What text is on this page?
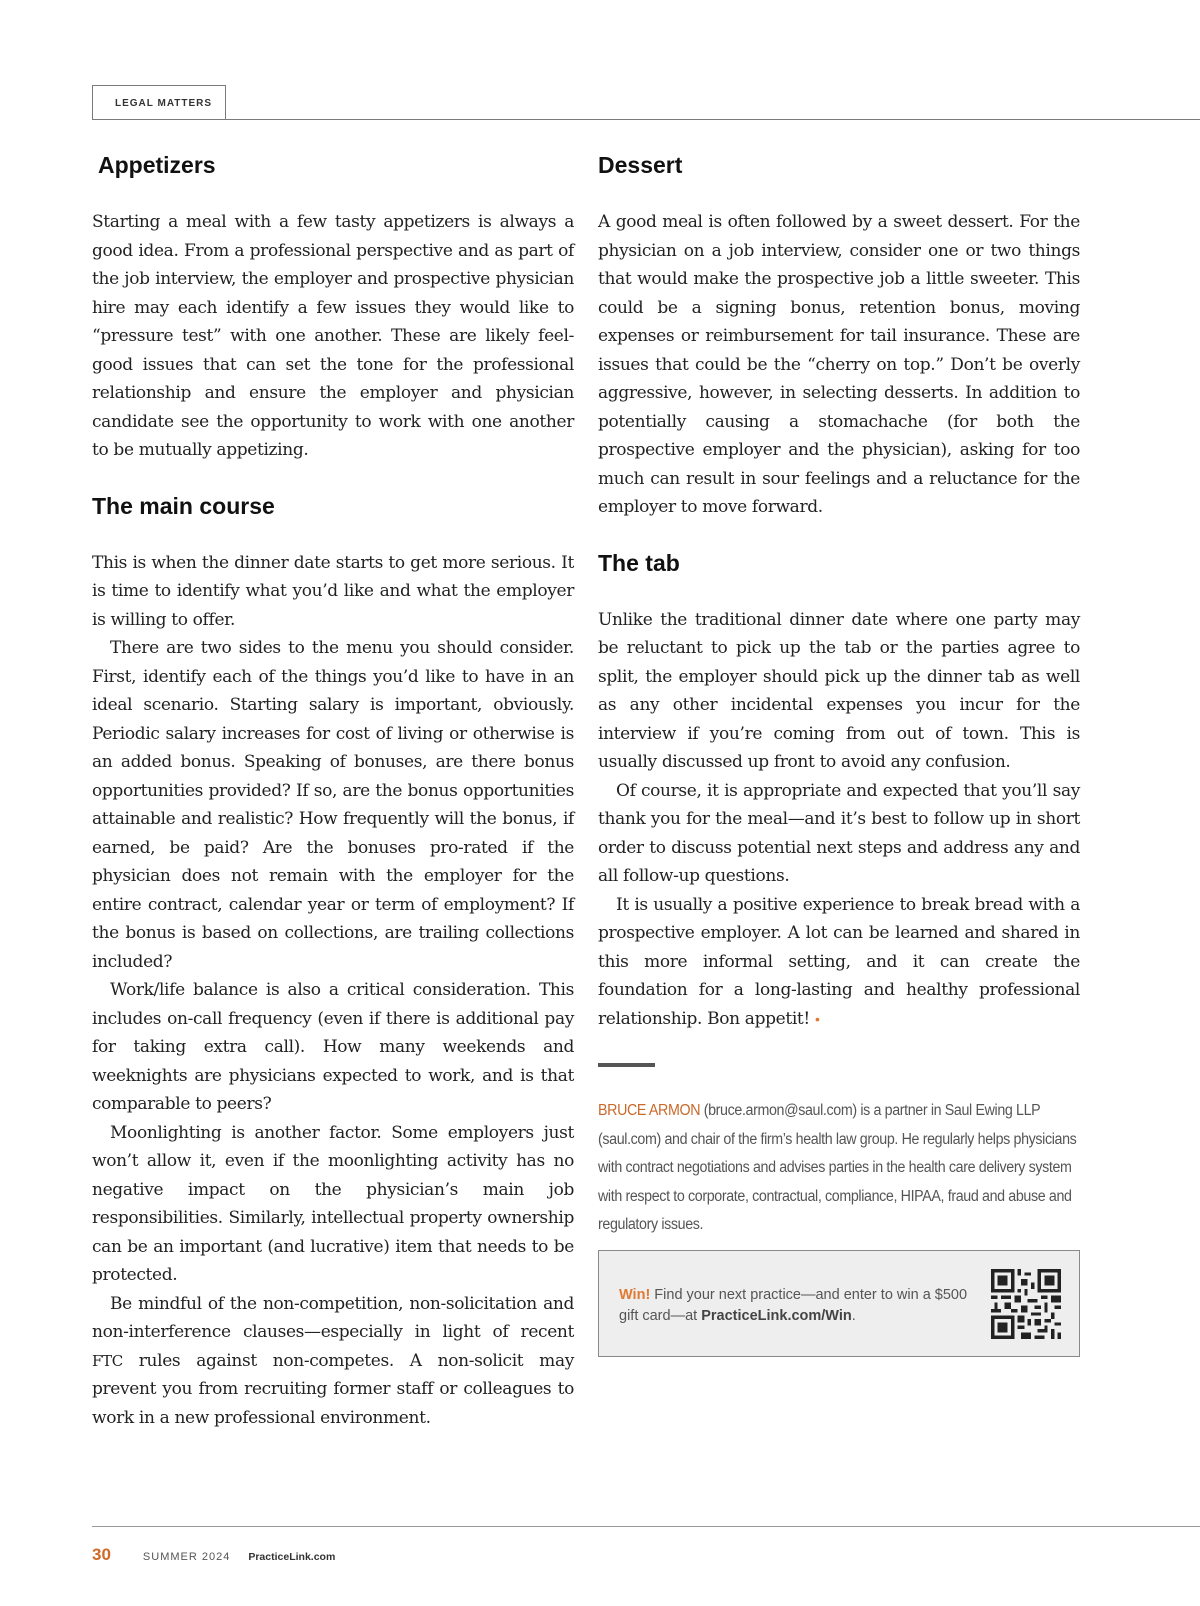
LEGAL MATTERS
Appetizers

Starting a meal with a few tasty appetizers is always a good idea. From a professional perspective and as part of the job interview, the employer and prospective physician hire may each identify a few issues they would like to “pressure test” with one another. These are likely feel-good issues that can set the tone for the professional relationship and ensure the employer and physician candidate see the opportunity to work with one another to be mutually appetizing.

The main course

This is when the dinner date starts to get more serious. It is time to identify what you’d like and what the employer is willing to offer.

There are two sides to the menu you should consider. First, identify each of the things you’d like to have in an ideal scenario. Starting salary is important, obviously. Periodic salary increases for cost of living or otherwise is an added bonus. Speaking of bonuses, are there bonus opportunities provided? If so, are the bonus opportunities attainable and realistic? How frequently will the bonus, if earned, be paid? Are the bonuses pro-rated if the physician does not remain with the employer for the entire contract, calendar year or term of employment? If the bonus is based on collections, are trailing collections included?

Work/life balance is also a critical consideration. This includes on-call frequency (even if there is additional pay for taking extra call). How many weekends and weeknights are physicians expected to work, and is that comparable to peers?

Moonlighting is another factor. Some employers just won’t allow it, even if the moonlighting activity has no negative impact on the physician’s main job responsibilities. Similarly, intellectual property ownership can be an important (and lucrative) item that needs to be protected.

Be mindful of the non-competition, non-solicitation and non-interference clauses—especially in light of recent FTC rules against non-competes. A non-solicit may prevent you from recruiting former staff or colleagues to work in a new professional environment.

Dessert

A good meal is often followed by a sweet dessert. For the physician on a job interview, consider one or two things that would make the prospective job a little sweeter. This could be a signing bonus, retention bonus, moving expenses or reimbursement for tail insurance. These are issues that could be the “cherry on top.” Don’t be overly aggressive, however, in selecting desserts. In addition to potentially causing a stomachache (for both the prospective employer and the physician), asking for too much can result in sour feelings and a reluctance for the employer to move forward.

The tab

Unlike the traditional dinner date where one party may be reluctant to pick up the tab or the parties agree to split, the employer should pick up the dinner tab as well as any other incidental expenses you incur for the interview if you’re coming from out of town. This is usually discussed up front to avoid any confusion.

Of course, it is appropriate and expected that you’ll say thank you for the meal—and it’s best to follow up in short order to discuss potential next steps and address any and all follow-up questions.

It is usually a positive experience to break bread with a prospective employer. A lot can be learned and shared in this more informal setting, and it can create the foundation for a long-lasting and healthy professional relationship. Bon appetit! •

BRUCE ARMON (bruce.armon@saul.com) is a partner in Saul Ewing LLP (saul.com) and chair of the firm’s health law group. He regularly helps physicians with contract negotiations and advises parties in the health care delivery system with respect to corporate, contractual, compliance, HIPAA, fraud and abuse and regulatory issues.

Win! Find your next practice—and enter to win a $500 gift card—at PracticeLink.com/Win.

30	SUMMER 2024 PracticeLink.com
